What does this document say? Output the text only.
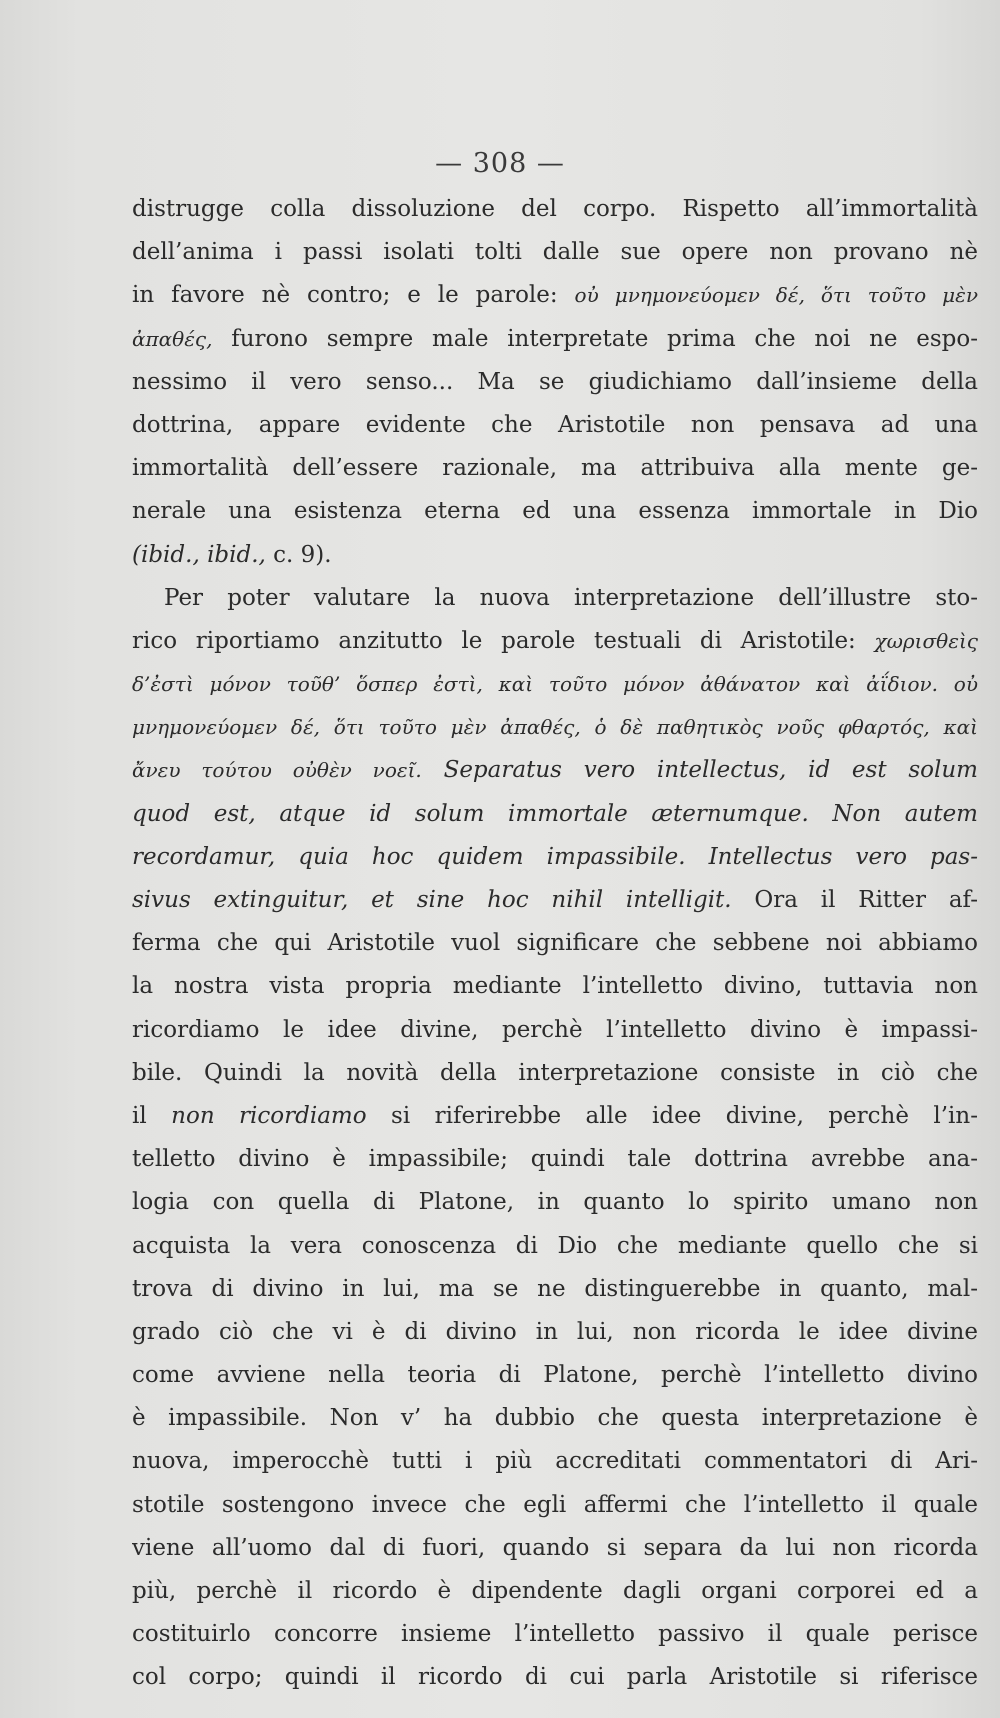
— 308 —
distrugge colla dissoluzione del corpo. Rispetto all’immortalità
dell’anima i passi isolati tolti dalle sue opere non provano nè
in favore nè contro; e le parole: οὐ μνημονεύομεν δέ, ὅτι τοῦτο μὲν
ἀπαθές, furono sempre male interpretate prima che noi ne espo-
nessimo il vero senso... Ma se giudichiamo dall’insieme della
dottrina, appare evidente che Aristotile non pensava ad una
immortalità dell’essere razionale, ma attribuiva alla mente ge-
nerale una esistenza eterna ed una essenza immortale in Dio
(ibid., ibid., c. 9).
Per poter valutare la nuova interpretazione dell’illustre sto-
rico riportiamo anzitutto le parole testuali di Aristotile: χωρισθεὶς
δ’ἐστὶ μόνον τοῦθ’ ὅσπερ ἐστὶ, καὶ τοῦτο μόνον ἀθάνατον καὶ ἀΐδιον. οὐ
μνημονεύομεν δέ, ὅτι τοῦτο μὲν ἀπαθές, ὁ δὲ παθητικὸς νοῦς φθαρτός, καὶ
ἄνευ τούτου οὐθὲν νοεῖ. Separatus vero intellectus, id est solum
quod est, atque id solum immortale æternumque. Non autem
recordamur, quia hoc quidem impassibile. Intellectus vero pas-
sivus extinguitur, et sine hoc nihil intelligit. Ora il Ritter af-
ferma che qui Aristotile vuol significare che sebbene noi abbiamo
la nostra vista propria mediante l’intelletto divino, tuttavia non
ricordiamo le idee divine, perchè l’intelletto divino è impassi-
bile. Quindi la novità della interpretazione consiste in ciò che
il non ricordiamo si riferirebbe alle idee divine, perchè l’in-
telletto divino è impassibile; quindi tale dottrina avrebbe ana-
logia con quella di Platone, in quanto lo spirito umano non
acquista la vera conoscenza di Dio che mediante quello che si
trova di divino in lui, ma se ne distinguerebbe in quanto, mal-
grado ciò che vi è di divino in lui, non ricorda le idee divine
come avviene nella teoria di Platone, perchè l’intelletto divino
è impassibile. Non v’ ha dubbio che questa interpretazione è
nuova, imperocchè tutti i più accreditati commentatori di Ari-
stotile sostengono invece che egli affermi che l’intelletto il quale
viene all’uomo dal di fuori, quando si separa da lui non ricorda
più, perchè il ricordo è dipendente dagli organi corporei ed a
costituirlo concorre insieme l’intelletto passivo il quale perisce
col corpo; quindi il ricordo di cui parla Aristotile si riferisce
